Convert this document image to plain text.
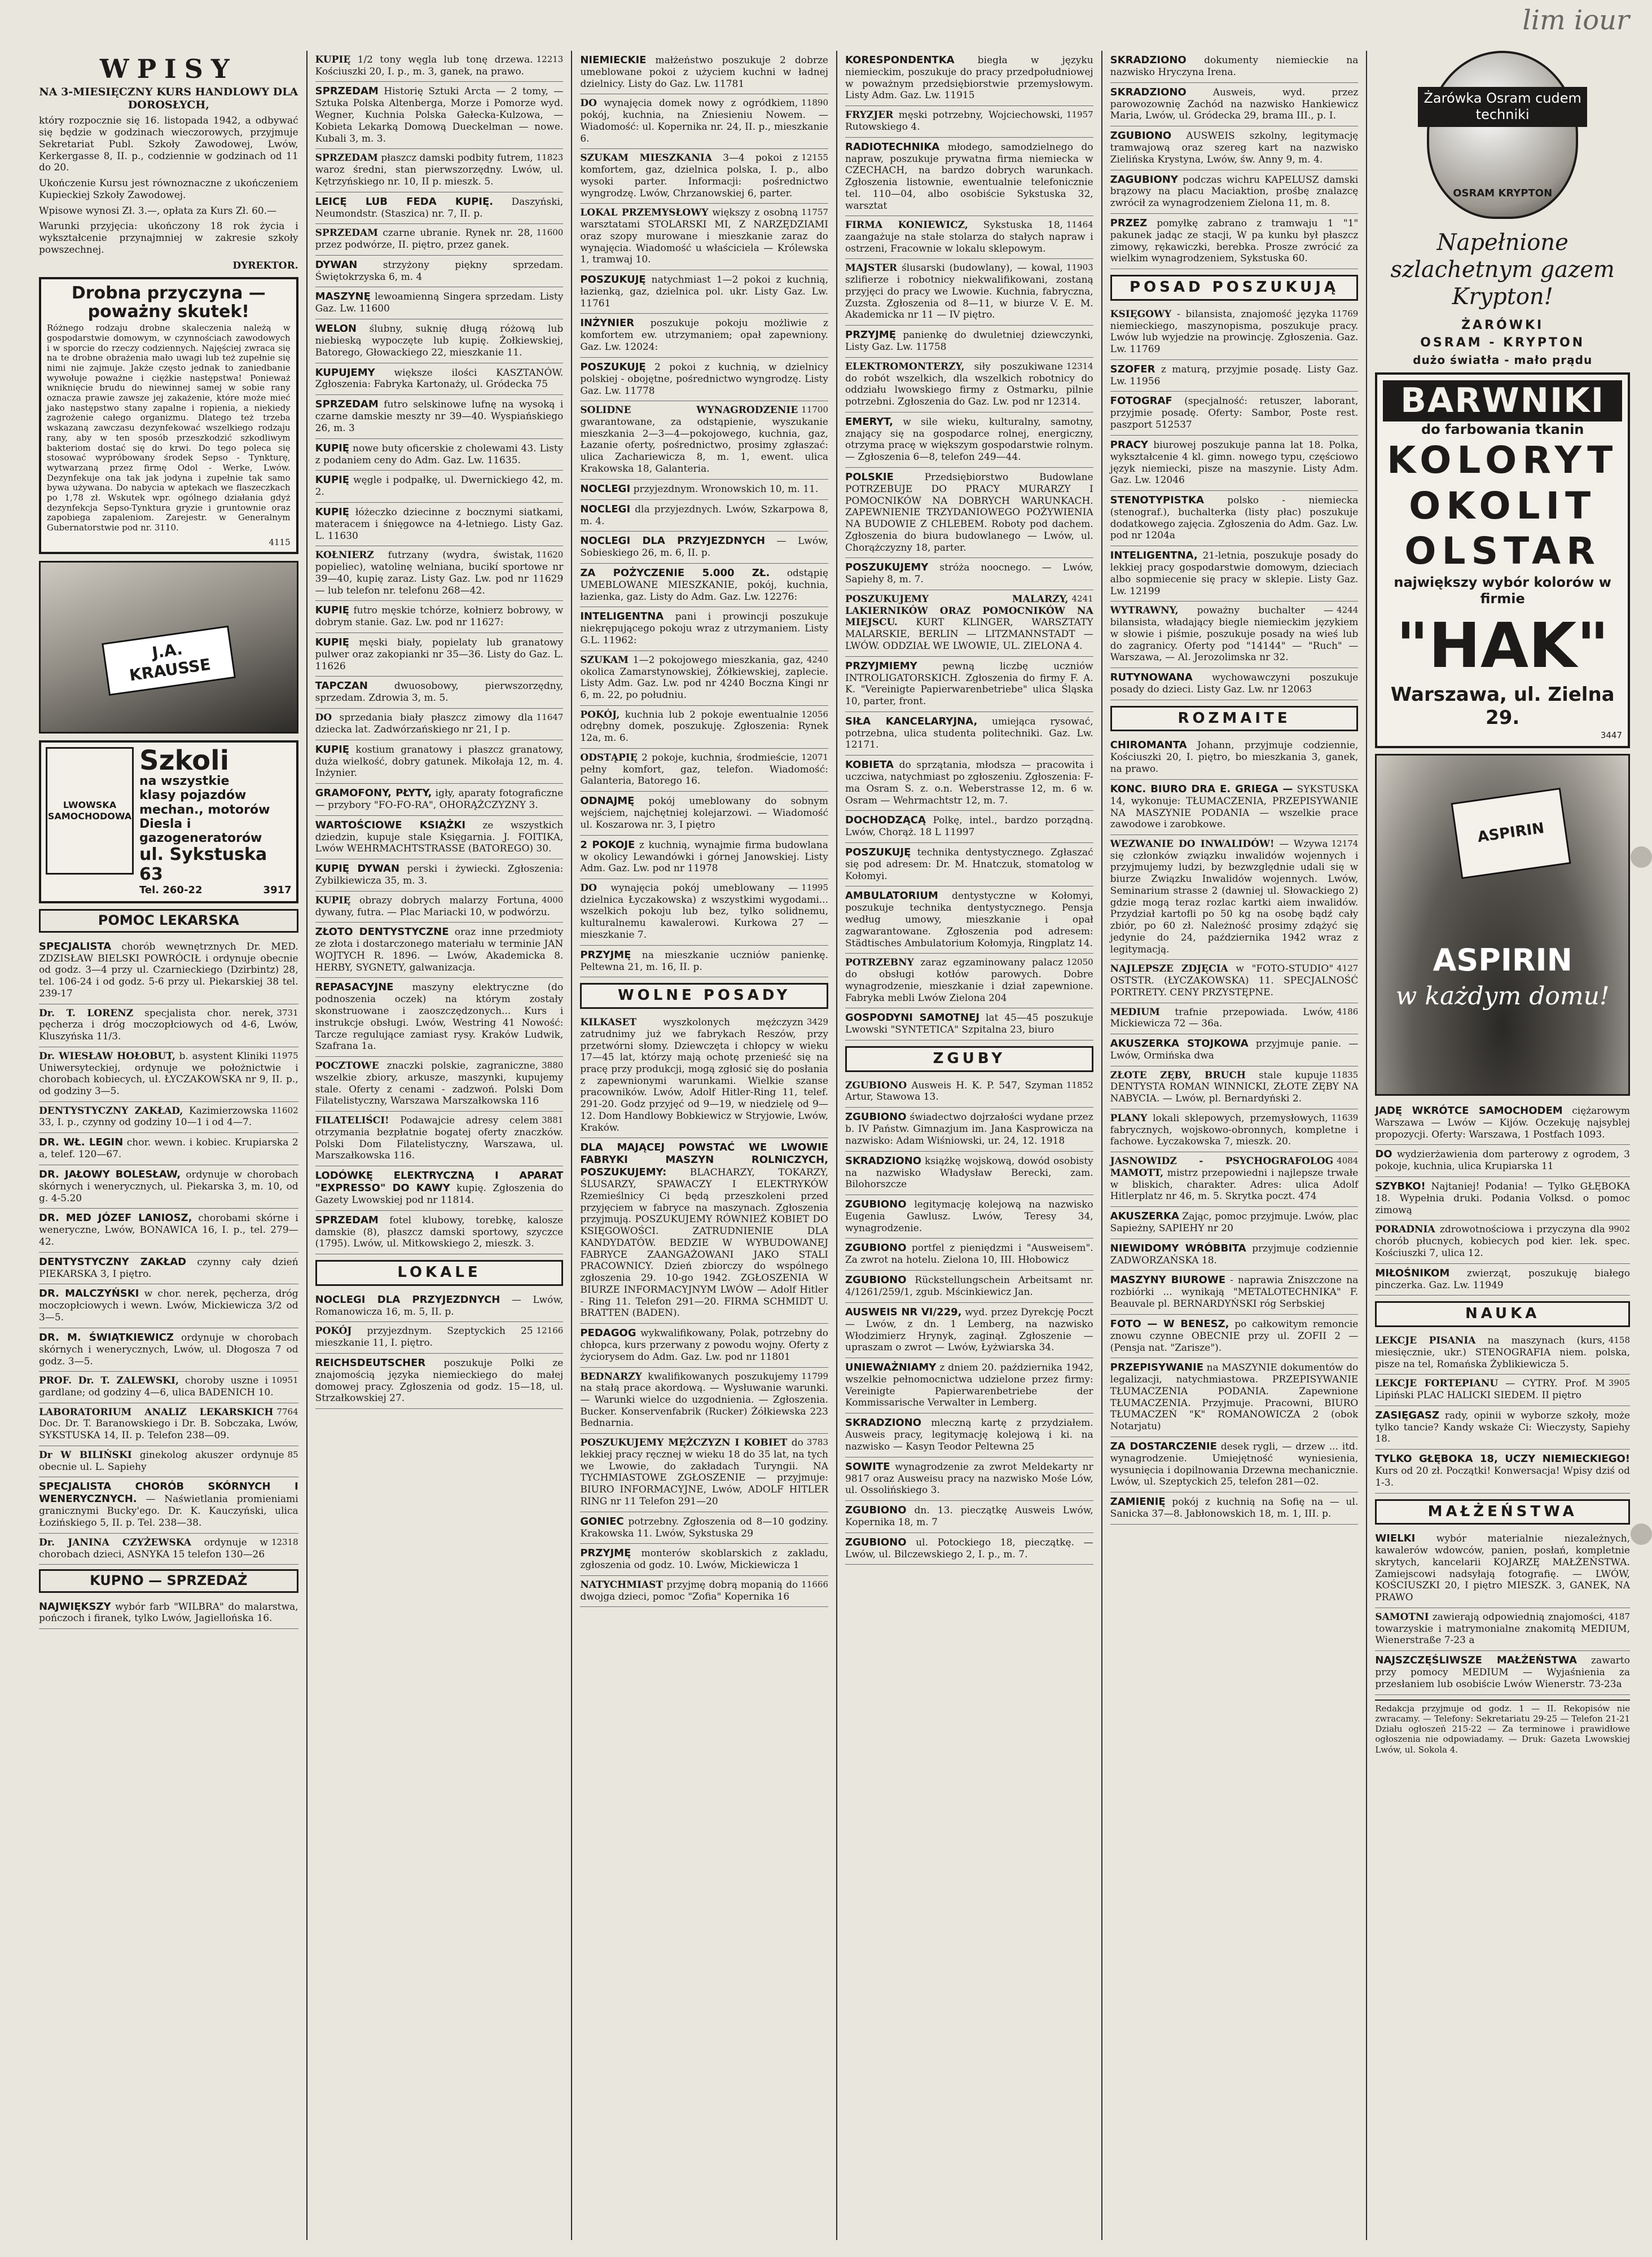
lim iour
WPISY
NA 3-MIESIĘCZNY KURS HANDLOWY DLA DOROSŁYCH,

który rozpocznie się 16. listopada 1942, a odbywać się będzie w godzinach wieczorowych, przyjmuje Sekretariat Publ. Szkoły Zawodowej, Lwów, Kerkergasse 8, II. p., codziennie w godzinach od 11 do 20.

Ukończenie Kursu jest równoznaczne z ukończeniem Kupieckiej Szkoły Zawodowej.

Wpisowe wynosi Zł. 3.—, opłata za Kurs Zł. 60.—

Warunki przyjęcia: ukończony 18 rok życia i wykształcenie przynajmniej w zakresie szkoły powszechnej.

DYREKTOR.

Drobna przyczyna — poważny skutek!

Różnego rodzaju drobne skaleczenia należą w gospodarstwie domowym, w czynnościach zawodowych i w sporcie do rzeczy codziennych. Najęściej zwraca się na te drobne obrażenia mało uwagi lub też zupełnie się nimi nie zajmuje. Jakże często jednak to zaniedbanie wywołuje poważne i ciężkie następstwa! Ponieważ wniknięcie brudu do niewinnej samej w sobie rany oznacza prawie zawsze jej zakażenie, które może mieć jako następstwo stany zapalne i ropienia, a niekiedy zagrożenie całego organizmu. Dlatego też trzeba wskazaną zawczasu dezynfekować wszelkiego rodzaju rany, aby w ten sposób przeszkodzić szkodliwym bakteriom dostać się do krwi. Do tego poleca się stosować wypróbowany środek Sepso - Tynkturę, wytwarzaną przez firmę Odol - Werke, Lwów. Dezynfekuje ona tak jak jodyna i zupełnie tak samo bywa używana. Do nabycia w aptekach we flaszeczkach po 1,78 zł. Wskutek wpr. ogólnego działania gdyż dezynfekcja Sepso-Tynktura gryzie i gruntownie oraz zapobiega zapaleniom. Zarejestr. w Generalnym Gubernatorstwie pod nr. 3110.

4115
J.A. KRAUSSE
LWOWSKA SAMOCHODOWA
Szkoli
na wszystkie
klasy pojazdów
mechan., motorów Diesla i gazogeneratorów
ul. Sykstuska 63
Tel. 260-22	3917
POMOC LEKARSKA
SPECJALISTA chorób wewnętrznych Dr. MED. ZDZISŁAW BIELSKI POWRÓCIŁ i ordynuje obecnie od godz. 3—4 przy ul. Czarnieckiego (Dzirbintz) 28, tel. 106-24 i od godz. 5-6 przy ul. Piekarskiej 38 tel. 239-17
3731
Dr. T. LORENZ specjalista chor. nerek, pęcherza i dróg moczopłciowych od 4-6, Lwów, Kluszyńska 11/3.
11975
Dr. WIESŁAW HOŁOBUT, b. asystent Kliniki Uniwersyteckiej, ordynuje we położnictwie i chorobach kobiecych, ul. ŁYCZAKOWSKA nr 9, II. p., od godziny 3—5.
11602
DENTYSTYCZNY ZAKŁAD, Kazimierzowska 33, I. p., czynny od godziny 10—1 i od 4—7.
DR. WŁ. LEGIN chor. wewn. i kobiec. Krupiarska 2 a, telef. 120—67.
DR. JAŁOWY BOLESŁAW, ordynuje w chorobach skórnych i wenerycznych, ul. Piekarska 3, m. 10, od g. 4-5.20
DR. MED JÓZEF LANIOSZ, chorobami skórne i weneryczne, Lwów, BONAWICA 16, I. p., tel. 279—42.
DENTYSTYCZNY ZAKŁAD czynny cały dzień PIEKARSKA 3, I piętro.
DR. MALCZYŃSKI w chor. nerek, pęcherza, dróg moczopłciowych i wewn. Lwów, Mickiewicza 3/2 od 3—5.
DR. M. ŚWIĄTKIEWICZ ordynuje w chorobach skórnych i wenerycznych, Lwów, ul. Dłogosza 7 od godz. 3—5.
10951
PROF. Dr. T. ZALEWSKI, choroby uszne i gardlane; od godziny 4—6, ulica BADENICH 10.
7764
LABORATORIUM ANALIZ LEKARSKICH Doc. Dr. T. Baranowskiego i Dr. B. Sobczaka, Lwów, SYKSTUSKA 14, II. p. Telefon 238—09.
85
Dr W BILIŃSKI ginekolog akuszer ordynuje obecnie ul. L. Sapiehy
SPECJALISTA CHORÓB SKÓRNYCH I WENERYCZNYCH. — Naświetlania promieniami granicznymi Bucky'ego. Dr. K. Kauczyński, ulica Łozińskiego 5, II. p. Tel. 238—38.
12318
Dr. JANINA CZYŻEWSKA ordynuje w chorobach dzieci, ASNYKA 15 telefon 130—26
KUPNO — SPRZEDAŻ
NAJWIĘKSZY wybór farb "WILBRA" do malarstwa, pończoch i firanek, tylko Lwów, Jagiellońska 16.
12213
KUPIĘ 1/2 tony węgla lub tonę drzewa. Kościuszki 20, I. p., m. 3, ganek, na prawo.
SPRZEDAM Historię Sztuki Arcta — 2 tomy, — Sztuka Polska Altenberga, Morze i Pomorze wyd. Wegner, Kuchnia Polska Gałecka-Kulzowa, — Kobieta Lekarką Domową Dueckelman — nowe. Kubali 3, m. 3.
11823
SPRZEDAM płaszcz damski podbity futrem, waroz średni, stan pierwszorzędny. Lwów, ul. Kętrzyńskiego nr. 10, II p. mieszk. 5.
LEICĘ LUB FEDA KUPIĘ. Daszyński, Neumondstr. (Staszica) nr. 7, II. p.
11600
SPRZEDAM czarne ubranie. Rynek nr. 28, przez podwórze, II. piętro, przez ganek.
DYWAN	strzyżony piękny sprzedam. Świętokrzyska 6, m. 4
MASZYNĘ lewoamienną Singera sprzedam. Listy Gaz. Lw. 11600
WELON ślubny, suknię długą różową lub niebieską wypoczęte lub kupię. Żołkiewskiej, Batorego, Głowackiego 22, mieszkanie 11.
KUPUJEMY większe ilości KASZTANÓW. Zgłoszenia: Fabryka Kartonaży, ul. Gródecka 75
SPRZEDAM futro selskinowe lufnę na wysoką i czarne damskie meszty nr 39—40. Wyspiańskiego 26, m. 3
KUPIĘ nowe buty oficerskie z cholewami 43. Listy z podaniem ceny do Adm. Gaz. Lw. 11635.
KUPIĘ węgle i podpałkę, ul. Dwernickiego 42, m. 2.
KUPIĘ łóżeczko dziecinne z bocznymi siatkami, materacem i śnięgowce na 4-letniego. Listy Gaz. L. 11630
11620
KOŁNIERZ futrzany (wydra, świstak, popieliec), watolinę welniana, bucikí sportowe nr 39—40, kupię zaraz. Listy Gaz. Lw. pod nr 11629 — lub telefon nr. telefonu 268—42.
KUPIĘ futro męskie tchórze, kołnierz bobrowy, w dobrym stanie. Gaz. Lw. pod nr 11627:
KUPIĘ męski biały, popielaty lub granatowy pulwer oraz zakopianki nr 35—36. Listy do Gaz. L. 11626
TAPCZAN	dwuosobowy, pierwszorzędny, sprzedam. Zdrowia 3, m. 5.
11647
DO sprzedania biały płaszcz zimowy dla dziecka lat. Zadwórzańskiego nr 21, I p.
KUPIĘ kostium granatowy i płaszcz granatowy, duża wielkość, dobry gatunek. Mikołaja 12, m. 4. Inżynier.
GRAMOFONY, PŁYTY, igły, aparaty fotograficzne — przybory "FO-FO-RA", OHORĄŻCZYZNY 3.
WARTOŚCIOWE KSIĄŻKI ze wszystkich dziedzin, kupuje stale Księgarnia. J. FOITIKA, Lwów WEHRMACHTSTRASSE (BATOREGO) 30.
KUPIĘ DYWAN perski i żywiecki. Zgłoszenia: Zybilkiewicza 35, m. 3.
4000
KUPIĘ obrazy dobrych malarzy Fortuna, dywany, futra. — Plac Mariacki 10, w podwórzu.
ZŁOTO DENTYSTYCZNE oraz inne przedmioty ze złota i dostarczonego materiału w terminie JAN WOJTYCH R. 1896. — Lwów, Akademicka 8. HERBY, SYGNETY, galwanizacja.
REPASACYJNE maszyny elektryczne (do podnoszenia oczek) na którym zostały skonstruowane i zaoszczędzonych... Kurs i instrukcje obsługi. Lwów, Westring 41 Nowość: Tarcze regulujące zamiast rysy. Kraków Ludwik, Szafrana 1a.
3880
POCZTOWE znaczki polskie, zagraniczne, wszelkie zbiory, arkusze, maszynki, kupujemy stale. Oferty z cenami - zadzwoń. Polski Dom Filatelistyczny, Warszawa Marszałkowska 116
3881
FILATELIŚCI! Podawajcie adresy celem otrzymania bezpłatnie bogatej oferty znaczków. Polski Dom Filatelistyczny, Warszawa, ul. Marszałkowska 116.
LODÓWKĘ ELEKTRYCZNĄ I APARAT "EXPRESSO" DO KAWY kupię. Zgłoszenia do Gazety Lwowskiej pod nr 11814.
SPRZEDAM fotel klubowy, torebkę, kalosze damskie (8), płaszcz damski sportowy, szyczce (1795). Lwów, ul. Mitkowskiego 2, mieszk. 3.
LOKALE
NOCLEGI DLA PRZYJEZDNYCH — Lwów, Romanowicza 16, m. 5, II. p.
12166
POKÓJ przyjezdnym. Szeptyckich 25 mieszkanie 11, I. piętro.
REICHSDEUTSCHER poszukuje Polki ze znajomością języka niemieckiego do małej domowej pracy. Zgłoszenia od godz. 15—18, ul. Strzałkowskiej 27.
NIEMIECKIE małżeństwo poszukuje 2 dobrze umeblowane pokoi z użyciem kuchni w ładnej dzielnicy. Listy do Gaz. Lw. 11781
11890
DO wynajęcia domek nowy z ogródkiem, pokój, kuchnia, na Zniesieniu Nowem. — Wiadomość: ul. Kopernika nr. 24, II. p., mieszkanie 6.
12155
SZUKAM MIESZKANIA 3—4 pokoi z komfortem, gaz, dzielnica polska, I. p., albo wysoki parter. Informacji: pośrednictwo wyngrodzę. Lwów, Chrzanowskiej 6, parter.
11757
LOKAL PRZEMYSŁOWY większy z osobną warsztatami STOLARSKI MI, Z NARZĘDZIAMI oraz szopy murowane i mieszkanie zaraz do wynajęcia. Wiadomość u właściciela — Królewska 1, tramwaj 10.
POSZUKUJĘ natychmiast 1—2 pokoi z kuchnią, łazienką, gaz, dzielnica pol. ukr. Listy Gaz. Lw. 11761
INŻYNIER poszukuje pokoju możliwie z komfortem ew. utrzymaniem; opał zapewniony. Gaz. Lw. 12024:
POSZUKUJĘ 2 pokoi z kuchnią, w dzielnicy polskiej - obojętne, pośrednictwo wyngrodzę. Listy Gaz. Lw. 11778
11700
SOLIDNE WYNAGRODZENIE gwarantowane, za odstąpienie, wyszukanie mieszkania 2—3—4—pokojowego, kuchnia, gaz, Łazanie oferty, pośrednictwo, prosimy zgłaszać: ulica Zachariewicza 8, m. 1, ewent. ulica Krakowska 18, Galanteria.
NOCLEGI przyjezdnym. Wronowskich 10, m. 11.
NOCLEGI dla przyjezdnych. Lwów, Szkarpowa 8, m. 4.
NOCLEGI DLA PRZYJEZDNYCH — Lwów, Sobieskiego 26, m. 6, II. p.
ZA POŻYCZENIE 5.000 ZŁ. odstąpię UMEBLOWANE MIESZKANIE, pokój, kuchnia, łazienka, gaz. Listy do Adm. Gaz. Lw. 12276:
INTELIGENTNA pani i prowincji poszukuje niekrępującego pokoju wraz z utrzymaniem. Listy G.L. 11962:
4240
SZUKAM 1—2 pokojowego mieszkania, gaz, okolica Zamarstynowskiej, Żółkiewskiej, zaplecie. Listy Adm. Gaz. Lw. pod nr 4240 Boczna Kingi nr 6, m. 22, po południu.
12056
POKÓJ, kuchnia lub 2 pokoje ewentualnie odrębny domek, poszukuję. Zgłoszenia: Rynek 12a, m. 6.
12071
ODSTĄPIĘ 2 pokoje, kuchnia, środmieście, pełny komfort, gaz, telefon. Wiadomość: Galanteria, Batorego 16.
ODNAJMĘ pokój umeblowany do sobnym wejściem, najchętniej kolejarzowi. — Wiadomość ul. Koszarowa nr. 3, I piętro
2 POKOJE z kuchnią, wynajmie firma budowlana w okolicy Lewandówki i górnej Janowskiej. Listy Adm. Gaz. Lw. pod nr 11978
11995
DO wynajęcia pokój umeblowany — dzielnica Łyczakowska) z wszystkimi wygodami... wszelkich pokoju lub bez, tylko solidnemu, kulturalnemu kawalerowi. Kurkowa 27 — mieszkanie 7.
PRZYJMĘ na mieszkanie uczniów panienkę. Peltewna 21, m. 16, II. p.
WOLNE POSADY
3429
KILKASET	wyszkolonych mężczyzn zatrudnimy już we fabrykach Reszów, przy przetwórni słomy. Dziewczęta i chłopcy w wieku 17—45 lat, którzy mają ochotę przenieść się na pracę przy produkcji, mogą zgłosić się do posłania z zapewnionymi warunkami. Wielkie szanse pracowników. Lwów, Adolf Hitler-Ring 11, telef. 291-20. Godz przyjęć od 9—19, w niedzielę od 9—12. Dom Handlowy Bobkiewicz w Stryjowie, Lwów, Kraków.
DLA MAJĄCEJ POWSTAĆ WE LWOWIE FABRYKI MASZYN ROLNICZYCH, POSZUKUJEMY: BLACHARZY, TOKARZY, ŚLUSARZY, SPAWACZY I ELEKTRYKÓW Rzemieślnicy Ci będą przeszkoleni przed przyjęciem w fabryce na maszynach. Zgłoszenia przyjmują. POSZUKUJEMY RÓWNIEŻ KOBIET DO KSIĘGOWOŚCI. ZATRUDNIENIE DLA KANDYDATÓW. BEDZIE W WYBUDOWANEJ FABRYCE ZAANGAŻOWANI JAKO STALI PRACOWNICY. Dzień zbiorczy do wspólnego zgłoszenia 29. 10-go 1942. ZGŁOSZENIA W BIURZE INFORMACYJNYM LWÓW — Adolf Hitler - Ring 11. Telefon 291—20. FIRMA SCHMIDT U. BRATTEN (BADEN).
PEDAGOG wykwalifikowany, Polak, potrzebny do chłopca, kurs przerwany z powodu wojny. Oferty z życiorysem do Adm. Gaz. Lw. pod nr 11801
11799
BEDNARZY kwalifikowanych poszukujemy na stałą prace akordową. — Wysłuwanie warunki. — Warunki wielce do uzgodnienia. — Zgłoszenia. Bucker. Konservenfabrik (Rucker) Żółkiewska 223 Bednarnia.
3783
POSZUKUJEMY MĘŻCZYZN I KOBIET do lekkiej pracy ręcznej w wieku 18 do 35 lat, na tych we Lwowie, do zakładach Turyngii. NA TYCHMIASTOWE ZGŁOSZENIE — przyjmuje: BIURO INFORMACYJNE, Lwów, ADOLF HITLER RING nr 11 Telefon 291—20
GONIEC potrzebny. Zgłoszenia od 8—10 godziny. Krakowska 11. Lwów, Sykstuska 29
PRZYJMĘ monterów skoblarskich z zakladu, zgłoszenia od godz. 10. Lwów, Mickiewicza 1
11666
NATYCHMIAST przyjmę dobrą mopanią do dwojga dzieci, pomoc "Zofia" Kopernika 16
KORESPONDENTKA biegła w języku niemieckim, poszukuje do pracy przedpołudniowej w poważnym przedsiębiorstwie przemysłowym. Listy Adm. Gaz. Lw. 11915
11957
FRYZJER męski potrzebny, Wojciechowski, Rutowskiego 4.
RADIOTECHNIKA młodego, samodzielnego do napraw, poszukuje prywatna firma niemiecka w CZECHACH, na bardzo dobrych warunkach. Zgłoszenia listownie, ewentualnie telefonicznie tel. 110—04, albo osobiście Sykstuska 32, warsztat
11464
FIRMA KONIEWICZ, Sykstuska 18, zaangażuje na stałe stolarza do stałych napraw i ostrzeni, Fracownie w lokalu sklepowym.
11903
MAJSTER ślusarski (budowlany), — kowal, szlifierze i robotnicy niekwalifikowani, zostaną przyjęci do pracy we Lwowie. Kuchnia, fabryczna, Zuzsta. Zgłoszenia od 8—11, w biurze V. E. M. Akademicka nr 11 — IV piętro.
PRZYJMĘ panienkę do dwuletniej dziewczynki, Listy Gaz. Lw. 11758
12314
ELEKTROMONTERZY, siły poszukiwane do robót wszelkich, dla wszelkich robotnicy do oddziału lwowskiego firmy z Ostmarku, pilnie potrzebni. Zgłoszenia do Gaz. Lw. pod nr 12314.
EMERYT, w sile wieku, kulturalny, samotny, znający się na gospodarce rolnej, energiczny, otrzyma pracę w większym gospodarstwie rolnym. — Zgłoszenia 6—8, telefon 249—44.
POLSKIE	Przedsiębiorstwo Budowlane POTRZEBUJE DO PRACY MURARZY I POMOCNIKÓW NA DOBRYCH WARUNKACH. ZAPEWNIENIE TRZYDANIOWEGO POŻYWIENIA NA BUDOWIE Z CHLEBEM. Roboty pod dachem. Zgłoszenia do biura budowlanego — Lwów, ul. Chorążczyzny 18, parter.
POSZUKUJEMY stróża noocnego. — Lwów, Sapiehy 8, m. 7.
4241
POSZUKUJEMY MALARZY, LAKIERNIKÓW ORAZ POMOCNIKÓW NA MIEJSCU. KURT KLINGER, WARSZTATY MALARSKIE, BERLIN — LITZMANNSTADT — LWÓW. ODDZIAŁ WE LWOWIE, UL. ZIELONA 4.
PRZYJMIEMY	pewną liczbę uczniów INTROLIGATORSKICH. Zgłoszenia do firmy F. A. K. "Vereinigte Papierwarenbetriebe" ulica Śląska 10, parter, front.
SIŁA KANCELARYJNA, umiejąca rysować, potrzebna, ulica studenta politechniki. Gaz. Lw. 12171.
KOBIETA do sprzątania, młodsza — pracowita i uczciwa, natychmiast po zgłoszeniu. Zgłoszenia: F-ma Osram S. z. o.n. Weberstrasse 12, m. 6 w. Osram — Wehrmachtstr 12, m. 7.
DOCHODZĄCĄ Polkę, intel., bardzo porządną. Lwów, Chorąż. 18 L 11997
POSZUKUJĘ technika dentystycznego. Zgłaszać się pod adresem: Dr. M. Hnatczuk, stomatolog w Kołomyi.
AMBULATORIUM dentystyczne w Kołomyi, poszukuje technika dentystycznego. Pensja według umowy, mieszkanie i opał zagwarantowane. Zgłoszenia pod adresem: Städtisches Ambulatorium Kołomyja, Ringplatz 14.
12050
POTRZEBNY zaraz egzaminowany palacz do obsługi kotłów parowych. Dobre wynagrodzenie, mieszkanie i dział zapewnione. Fabryka mebli Lwów Zielona 204
GOSPODYNI SAMOTNEJ lat 45—45 poszukuje Lwowski "SYNTETICA" Szpitalna 23, biuro
ZGUBY
11852
ZGUBIONO Ausweis H. K. P. 547, Szyman Artur, Stawowa 13.
ZGUBIONO świadectwo dojrzałości wydane przez b. IV Państw. Gimnazjum im. Jana Kasprowicza na nazwisko: Adam Wiśniowski, ur. 24, 12. 1918
SKRADZIONO książkę wojskową, dowód osobisty na nazwisko Władysław Berecki, zam. Bilohorszcze
ZGUBIONO legitymację kolejową na nazwisko Eugenia Gawlusz. Lwów, Teresy 34, wynagrodzenie.
ZGUBIONO portfel z pieniędzmi i "Ausweisem". Za zwrot na hotelu. Zielona 10, III. Hłobowicz
ZGUBIONO Rückstellungschein Arbeitsamt nr. 4/1261/259/1, zgub. Mścinkiewicz Jan.
AUSWEIS NR VI/229, wyd. przez Dyrekcję Poczt — Lwów, z dn. 1 Lemberg, na nazwisko Włodzimierz Hrynyk, zaginął. Zgłoszenie — upraszam o zwrot — Lwów, Łyżwiarska 34.
UNIEWAŻNIAMY z dniem 20. października 1942, wszelkie pełnomocnictwa udzielone przez firmy: Vereinigte Papierwarenbetriebe der Kommissarische Verwalter in Lemberg.
SKRADZIONO mleczną kartę z przydziałem. Ausweis pracy, legitymację kolejową i ki. na nazwisko — Kasyn Teodor Peltewna 25
SOWITE wynagrodzenie za zwrot Meldekarty nr 9817 oraz Ausweisu pracy na nazwisko Mośe Lów, ul. Ossolińskiego 3.
ZGUBIONO dn. 13. pieczątkę Ausweis Lwów, Kopernika 18, m. 7
ZGUBIONO ul. Potockiego 18, pieczątkę. — Lwów, ul. Bilczewskiego 2, I. p., m. 7.
SKRADZIONO dokumenty niemieckie na nazwisko Hryczyna Irena.
SKRADZIONO	Ausweis, wyd. przez parowozownię Zachód na nazwisko Hankiewicz Maria, Lwów, ul. Gródecka 29, brama III., p. I.
ZGUBIONO AUSWEIS szkolny, legitymację tramwajową oraz szereg kart na nazwisko Zielińska Krystyna, Lwów, św. Anny 9, m. 4.
ZAGUBIONY podczas wichru KAPELUSZ damski brązowy na placu Maciaktion, prośbę znalazcę zwrócił za wynagrodzeniem Zielona 11, m. 8.
PRZEZ pomyłkę zabrano z tramwaju 1 "1" pakunek jadąc ze stacji, W pa kunku był płaszcz zimowy, rękawiczki, berebka. Prosze zwrócić za wielkim wynagrodzeniem, Sykstuska 60.
POSAD POSZUKUJĄ
11769
KSIĘGOWY - bilansista, znajomość języka niemieckiego, maszynopisma, poszukuje pracy. Lwów lub wyjedzie na prowincję. Zgłoszenia. Gaz. Lw. 11769
SZOFER z maturą, przyjmie posadę. Listy Gaz. Lw. 11956
FOTOGRAF (specjalność: retuszer, laborant, przyjmie posadę. Oferty: Sambor, Poste rest. paszport 512537
PRACY biurowej poszukuje panna lat 18. Polka, wykształcenie 4 kl. gimn. nowego typu, częściowo język niemiecki, pisze na maszynie. Listy Adm. Gaz. Lw. 12046
STENOTYPISTKA polsko - niemiecka (stenograf.), buchalterka (listy płac) poszukuje dodatkowego zajęcia. Zgłoszenia do Adm. Gaz. Lw. pod nr 1204a
INTELIGENTNA, 21-letnia, poszukuje posady do lekkiej pracy gospodarstwie domowym, dzieciach albo sopmiecenie się pracy w sklepie. Listy Gaz. Lw. 12199
4244
WYTRAWNY, poważny buchalter — bilansista, władający biegle niemieckim językiem w słowie i piśmie, poszukuje posady na wieś lub do zagranicy. Oferty pod "14144" — "Ruch" — Warszawa, — Al. Jerozolimska nr 32.
RUTYNOWANA wychowawczyni poszukuje posady do dzieci. Listy Gaz. Lw. nr 12063
ROZMAITE
CHIROMANTA Johann, przyjmuje codziennie, Kościuszki 20, I. piętro, bo mieszkania 3, ganek, na prawo.
KONC. BIURO DRA E. GRIEGA — SYKSTUSKA 14, wykonuje: TŁUMACZENIA, PRZEPISYWANIE NA MASZYNIE PODANIA — wszelkie prace zawodowe i zarobkowe.
12174
WEZWANIE DO INWALIDÓW! — Wzywa się członków związku inwalidów wojennych i przyjmujemy ludzi, by bezwzględnie udali się w biurze Związku Inwalidów wojennych. Lwów, Seminarium strasse 2 (dawniej ul. Słowackiego 2) gdzie mogą teraz rozlac kartki aiem inwalidów. Przydział kartofli po 50 kg na osobę bądź cały zbiór, po 60 zł. Należność prosimy zdążyć się jedynie do 24, października 1942 wraz z legitymacją.
4127
NAJLEPSZE ZDJĘCIA w "FOTO-STUDIO" OSTSTR. (ŁYCZAKOWSKA) 11. SPECJALNOŚĆ PORTRETY. CENY PRZYSTĘPNE.
4186
MEDIUM trafnie przepowiada. Lwów, Mickiewicza 72 — 36a.
AKUSZERKA STOJKOWA przyjmuje panie. — Lwów, Ormińska dwa
11835
ZŁOTE ZĘBY, BRUCH stale kupuje DENTYSTA ROMAN WINNICKI, ZŁOTE ZĘBY NA NABYCIA. — Lwów, pl. Bernardyński 2.
11639
PLANY lokali sklepowych, przemysłowych, fabrycznych, wojskowo-obronnych, kompletne i fachowe. Łyczakowska 7, mieszk. 20.
4084
JASNOWIDZ - PSYCHOGRAFOLOG MAMOTT, mistrz przepowiedni i najlepsze trwałe w bliskich, charakter. Adres: ulica Adolf Hitlerplatz nr 46, m. 5. Skrytka poczt. 474
AKUSZERKA Zając, pomoc przyjmuje. Lwów, plac Sapieżny, SAPIEHY nr 20
NIEWIDOMY WRÓBBITA przyjmuje codziennie ZADWORZAŃSKA 18.
MASZYNY BIUROWE - naprawia Zniszczone na rozbiórki ... wynikają "METALOTECHNIKA" F. Beauvale pl. BERNARDYŃSKI róg Serbskiej
FOTO — W BENESZ, po całkowitym remoncie znowu czynne OBECNIE przy ul. ZOFII 2 — (Pensja nat. "Zarisze").
PRZEPISYWANIE na MASZYNIE dokumentów do legalizacji, natychmiastowa. PRZEPISYWANIE TŁUMACZENIA PODANIA. Zapewnione TŁUMACZENIA. Przyjmuje. Pracowni, BIURO TŁUMACZEŃ "K" ROMANOWICZA 2 (obok Notarjatu)
ZA DOSTARCZENIE desek rygli, — drzew ... itd. wynagrodzenie. Umiejętność wyniesienia, wysunięcia i dopilnowania Drzewna mechanicznie. Lwów, ul. Szeptyckich 25, telefon 281—02.
ZAMIENIĘ pokój z kuchnią na Sofię na — ul. Sanicka 37—8. Jabłonowskich 18, m. 1, III. p.
Żarówka Osram cudem techniki
OSRAM KRYPTON
Napełnione
szlachetnym gazem
Krypton!
ŻARÓWKI
OSRAM - KRYPTON
dużo światła - mało prądu
BARWNIKI
do farbowania tkanin
KOLORYT
OKOLIT
OLSTAR
największy wybór kolorów w firmie
"HAK"
Warszawa, ul. Zielna 29.
3447
ASPIRIN
ASPIRIN
w każdym domu!
JADĘ WKRÓTCE SAMOCHODEM ciężarowym Warszawa — Lwów — Kijów. Oczekuję najsyblej propozycji. Oferty: Warszawa, 1 Postfach 1093.
DO wydzierżawienia dom parterowy z ogrodem, 3 pokoje, kuchnia, ulica Krupiarska 11
SZYBKO! Najtaniej! Podania! — Tylko GŁĘBOKA 18. Wypełnia druki. Podania Volksd. o pomoc zimową
9902
PORADNIA zdrowotnościowa i przyczyna dla chorób płucnych, kobiecych pod kier. lek. spec. Kościuszki 7, ulica 12.
MIŁOŚNIKOM zwierząt, poszukuję białego pinczerka. Gaz. Lw. 11949
NAUKA
4158
LEKCJE PISANIA na maszynach (kurs, miesięcznie, ukr.) STENOGRAFIA niem. polska, pisze na tel, Romańska Żyblikiewicza 5.
3905
LEKCJE FORTEPIANU — CYTRY. Prof. M Lipiński PLAC HALICKI SIEDEM. II piętro
ZASIĘGASZ rady, opinii w wyborze szkoły, może tylko tancie? Kandy wskaże Ci: Wieczysty, Sapiehy 18.
TYLKO GŁĘBOKA 18, UCZY NIEMIECKIEGO! Kurs od 20 zł. Początki! Konwersacja! Wpisy dziś od 1-3.
MAŁŻEŃSTWA
WIELKI wybór materialnie niezależnych, kawalerów wdowców, panien, posłań, kompletnie skrytych, kancelarii KOJARZĘ MAŁŻEŃSTWA. Zamiejscowi nadsyłają fotografię. — LWÓW, KOŚCIUSZKI 20, I piętro MIESZK. 3, GANEK, NA PRAWO
4187
SAMOTNI zawierają odpowiednią znajomości, towarzyskie i matrymonialne znakomitą MEDIUM, Wienerstraße 7-23 a
NAJSZCZĘŚLIWSZE MAŁŻEŃSTWA zawarto przy pomocy MEDIUM — Wyjaśnienia za przesłaniem lub osobiście Lwów Wienerstr. 73-23a

Redakcja przyjmuje od godz. 1 — II. Rekopisów nie zwracamy. — Telefony: Sekretariatu 29-25 — Telefon 21-21 Działu ogłoszeń 215-22 — Za terminowe i prawidłowe ogłoszenia nie odpowiadamy. — Druk: Gazeta Lwowskiej Lwów, ul. Sokola 4.
